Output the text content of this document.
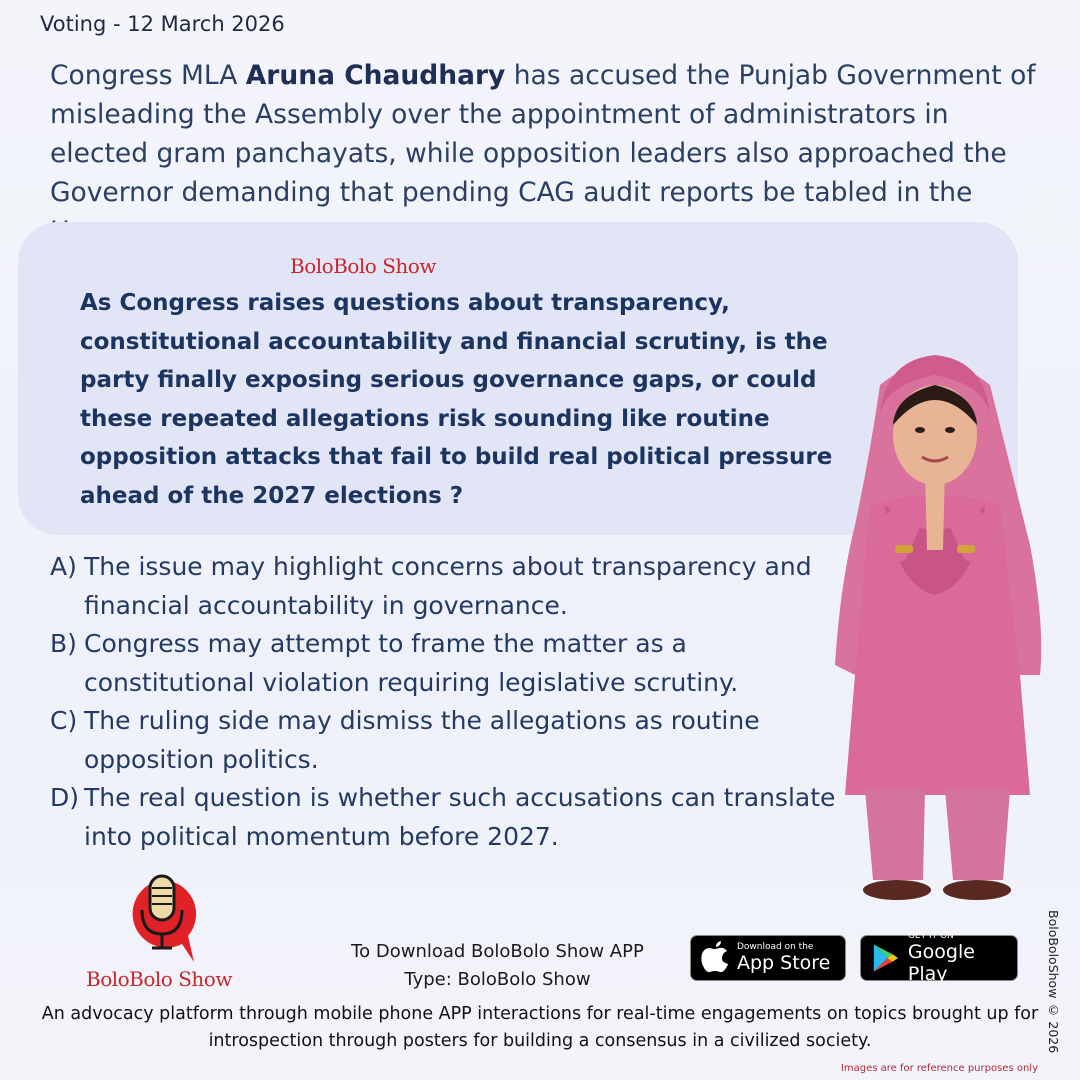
Voting - 12 March 2026

Congress MLA Aruna Chaudhary has accused the Punjab Government of misleading the Assembly over the appointment of administrators in elected gram panchayats, while opposition leaders also approached the Governor demanding that pending CAG audit reports be tabled in the

BoloBolo Show

As Congress raises questions about transparency, constitutional accountability and financial scrutiny, is the party finally exposing serious governance gaps, or could these repeated allegations risk sounding like routine opposition attacks that fail to build real political pressure ahead of the 2027 elections ?

A) The issue may highlight concerns about transparency and financial accountability in governance.
B) Congress may attempt to frame the matter as a constitutional violation requiring legislative scrutiny.
C) The ruling side may dismiss the allegations as routine opposition politics.
D) The real question is whether such accusations can translate into political momentum before 2027.
BoloBolo Show
To Download BoloBolo Show APP
Type: BoloBolo Show
Download on the
App Store
GET IT ON
Google Play

An advocacy platform through mobile phone APP interactions for real-time engagements on topics brought up for introspection through posters for building a consensus in a civilized society.	BoloBoloShow © 2026
Images are for reference purposes only
